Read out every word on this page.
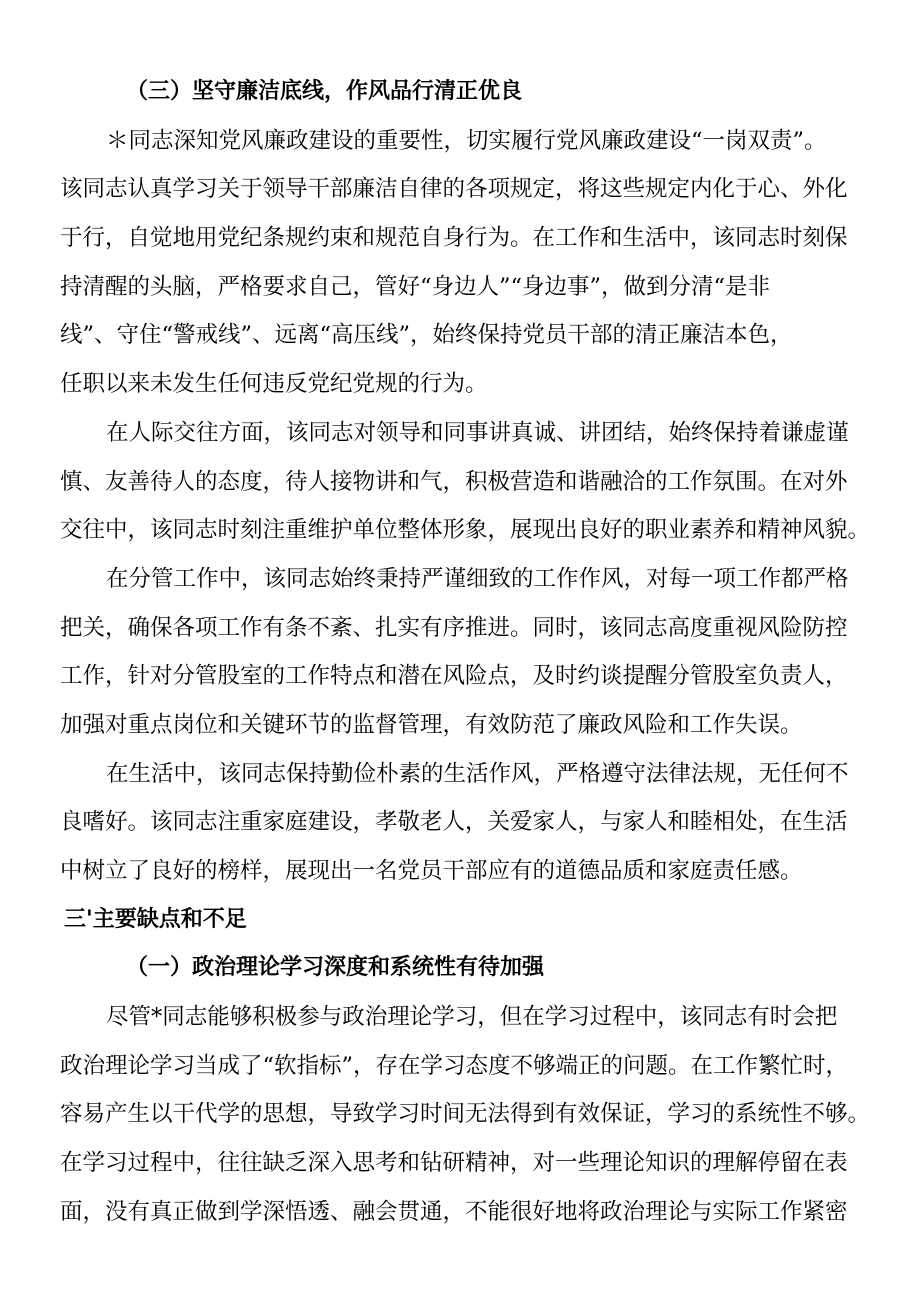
（三）坚守廉洁底线，作风品行清正优良
＊同志深知党风廉政建设的重要性，切实履行党风廉政建设“一岗双责”。
该同志认真学习关于领导干部廉洁自律的各项规定，将这些规定内化于心、外化
于行，自觉地用党纪条规约束和规范自身行为。在工作和生活中，该同志时刻保
持清醒的头脑，严格要求自己，管好“身边人”“身边事”，做到分清“是非
线”、守住“警戒线”、远离“高压线”，始终保持党员干部的清正廉洁本色，
任职以来未发生任何违反党纪党规的行为。
在人际交往方面，该同志对领导和同事讲真诚、讲团结，始终保持着谦虚谨
慎、友善待人的态度，待人接物讲和气，积极营造和谐融洽的工作氛围。在对外
交往中，该同志时刻注重维护单位整体形象，展现出良好的职业素养和精神风貌。
在分管工作中，该同志始终秉持严谨细致的工作作风，对每一项工作都严格
把关，确保各项工作有条不紊、扎实有序推进。同时，该同志高度重视风险防控
工作，针对分管股室的工作特点和潜在风险点，及时约谈提醒分管股室负责人，
加强对重点岗位和关键环节的监督管理，有效防范了廉政风险和工作失误。
在生活中，该同志保持勤俭朴素的生活作风，严格遵守法律法规，无任何不
良嗜好。该同志注重家庭建设，孝敬老人，关爱家人，与家人和睦相处，在生活
中树立了良好的榜样，展现出一名党员干部应有的道德品质和家庭责任感。
三'主要缺点和不足
（一）政治理论学习深度和系统性有待加强
尽管*同志能够积极参与政治理论学习，但在学习过程中，该同志有时会把
政治理论学习当成了“软指标”，存在学习态度不够端正的问题。在工作繁忙时，
容易产生以干代学的思想，导致学习时间无法得到有效保证，学习的系统性不够。
在学习过程中，往往缺乏深入思考和钻研精神，对一些理论知识的理解停留在表
面，没有真正做到学深悟透、融会贯通，不能很好地将政治理论与实际工作紧密
